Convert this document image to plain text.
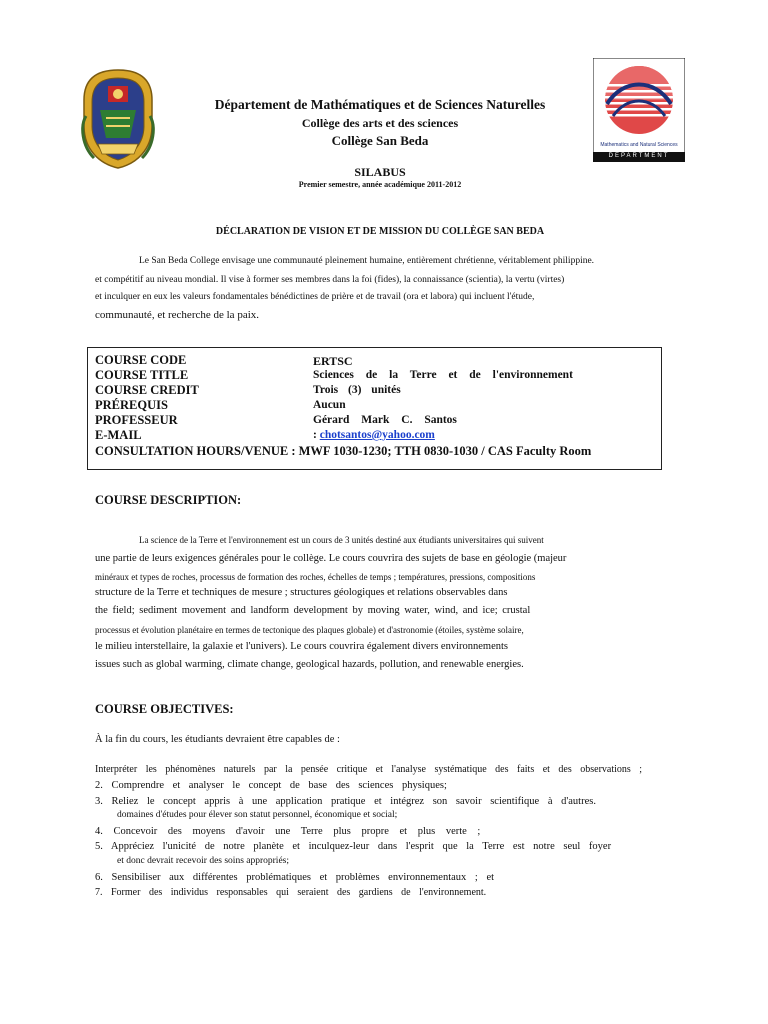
Mathematics and Natural Sciences
DEPARTMENT
Département de Mathématiques et de Sciences Naturelles
Collège des arts et des sciences
Collège San Beda
SILABUS
Premier semestre, année académique 2011-2012
DÉCLARATION DE VISION ET DE MISSION DU COLLÈGE SAN BEDA
Le San Beda College envisage une communauté pleinement humaine, entièrement chrétienne, véritablement philippine.
et compétitif au niveau mondial. Il vise à former ses membres dans la foi (fides), la connaissance (scientia), la vertu (virtes)
et inculquer en eux les valeurs fondamentales bénédictines de prière et de travail (ora et labora) qui incluent l'étude,
communauté, et recherche de la paix.
COURSE CODE	ERTSC
COURSE TITLE	Sciences de la Terre et de l'environnement
COURSE CREDIT	Trois (3) unités
PRÉREQUIS	Aucun
PROFESSEUR	Gérard Mark C. Santos
E-MAIL	: chotsantos@yahoo.com
CONSULTATION HOURS/VENUE : MWF 1030-1230; TTH 0830-1030 / CAS Faculty Room
COURSE DESCRIPTION:
La science de la Terre et l'environnement est un cours de 3 unités destiné aux étudiants universitaires qui suivent
une partie de leurs exigences générales pour le collège. Le cours couvrira des sujets de base en géologie (majeur
minéraux et types de roches, processus de formation des roches, échelles de temps ; températures, pressions, compositions
structure de la Terre et techniques de mesure ; structures géologiques et relations observables dans
the field; sediment movement and landform development by moving water, wind, and ice; crustal
processus et évolution planétaire en termes de tectonique des plaques globale) et d'astronomie (étoiles, système solaire,
le milieu interstellaire, la galaxie et l'univers). Le cours couvrira également divers environnements
issues such as global warming, climate change, geological hazards, pollution, and renewable energies.
COURSE OBJECTIVES:
À la fin du cours, les étudiants devraient être capables de :
Interpréter les phénomènes naturels par la pensée critique et l'analyse systématique des faits et des observations ;
2. Comprendre et analyser le concept de base des sciences physiques;
3. Reliez le concept appris à une application pratique et intégrez son savoir scientifique à d'autres.
domaines d'études pour élever son statut personnel, économique et social;
4. Concevoir des moyens d'avoir une Terre plus propre et plus verte ;
5. Appréciez l'unicité de notre planète et inculquez-leur dans l'esprit que la Terre est notre seul foyer
et donc devrait recevoir des soins appropriés;
6. Sensibiliser aux différentes problématiques et problèmes environnementaux ; et
7. Former des individus responsables qui seraient des gardiens de l'environnement.
